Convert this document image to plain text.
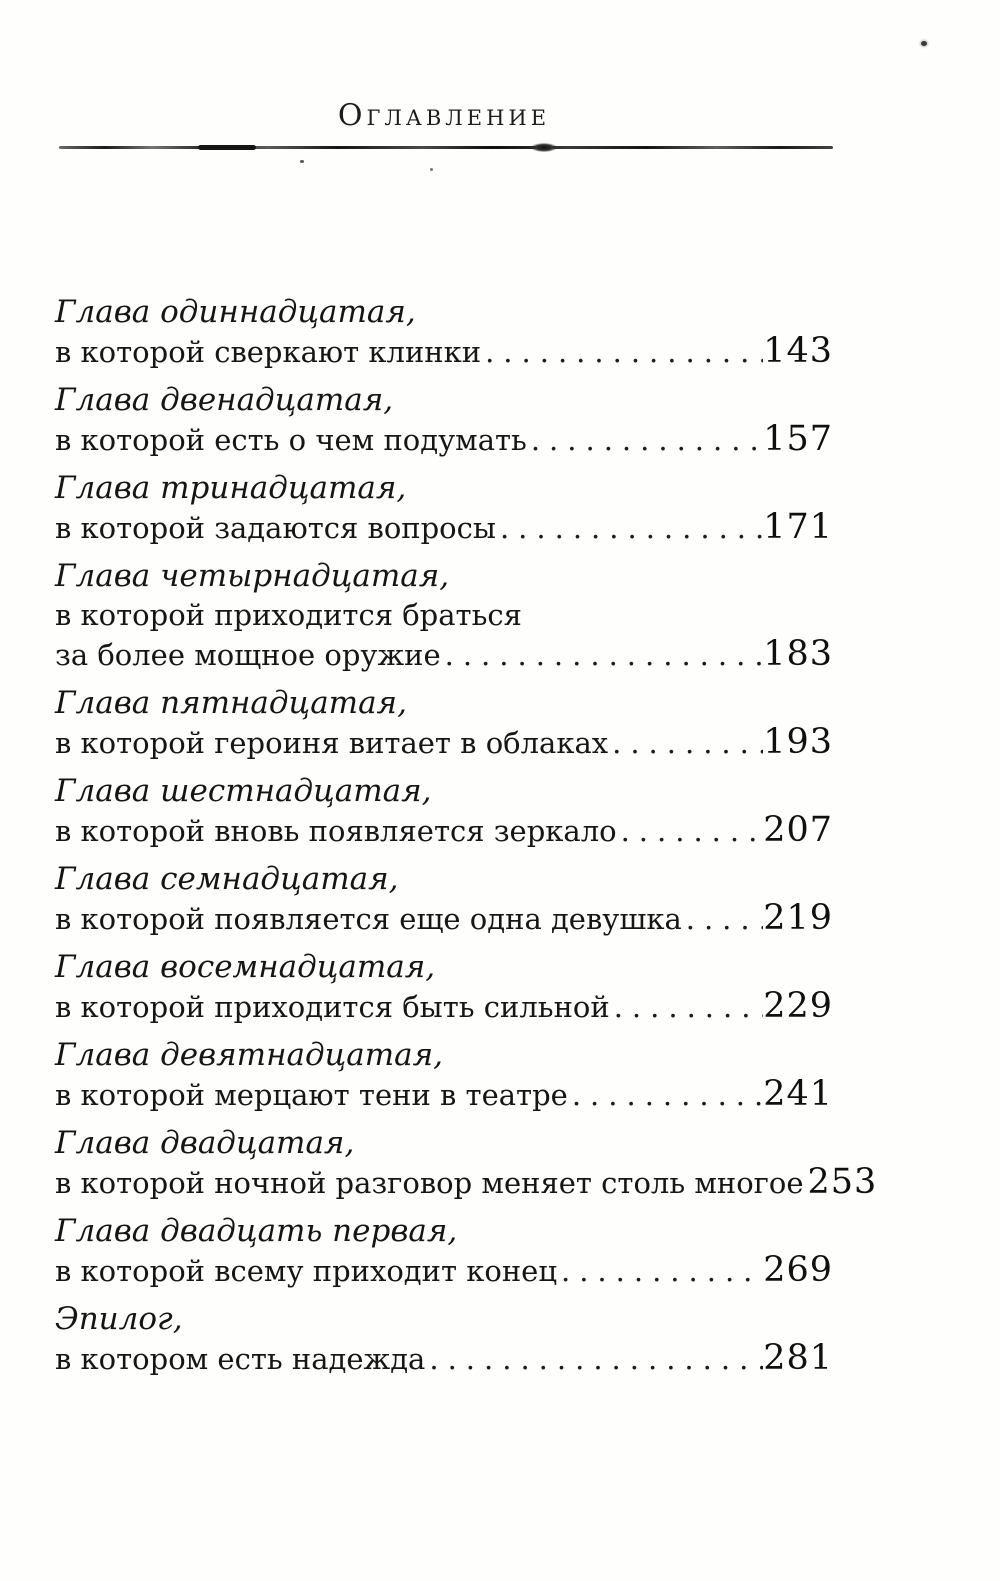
Оглавление
Глава одиннадцатая,
в которой сверкают клинки .....	143
Глава двенадцатая,
в которой есть о чем подумать .....	157
Глава тринадцатая,
в которой задаются вопросы .....	171
Глава четырнадцатая,
в которой приходится браться
за более мощное оружие .....	183
Глава пятнадцатая,
в которой героиня витает в облаках .....	193
Глава шестнадцатая,
в которой вновь появляется зеркало .....	207
Глава семнадцатая,
в которой появляется еще одна девушка ..... 219
Глава восемнадцатая,
в которой приходится быть сильной .....	229
Глава девятнадцатая,
в которой мерцают тени в театре .....	241
Глава двадцатая,
в которой ночной разговор меняет столь многое 253
Глава двадцать первая,
в которой всему приходит конец .....	269
Эпилог,
в котором есть надежда .....	281
